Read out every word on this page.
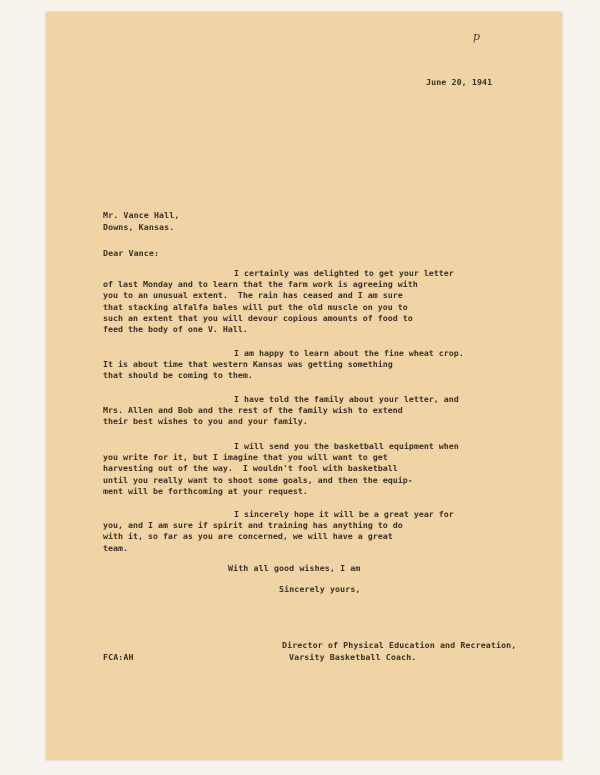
p
June 20, 1941
Mr. Vance Hall,
Downs, Kansas.
Dear Vance:
I certainly was delighted to get your letter
of last Monday and to learn that the farm work is agreeing with
you to an unusual extent.  The rain has ceased and I am sure
that stacking alfalfa bales will put the old muscle on you to
such an extent that you will devour copious amounts of food to
feed the body of one V. Hall.
I am happy to learn about the fine wheat crop.
It is about time that western Kansas was getting something
that should be coming to them.
I have told the family about your letter, and
Mrs. Allen and Bob and the rest of the family wish to extend
their best wishes to you and your family.
I will send you the basketball equipment when
you write for it, but I imagine that you will want to get
harvesting out of the way.  I wouldn't fool with basketball
until you really want to shoot some goals, and then the equip-
ment will be forthcoming at your request.
I sincerely hope it will be a great year for
you, and I am sure if spirit and training has anything to do
with it, so far as you are concerned, we will have a great
team.
With all good wishes, I am
Sincerely yours,
Director of Physical Education and Recreation,
Varsity Basketball Coach.
FCA:AH
